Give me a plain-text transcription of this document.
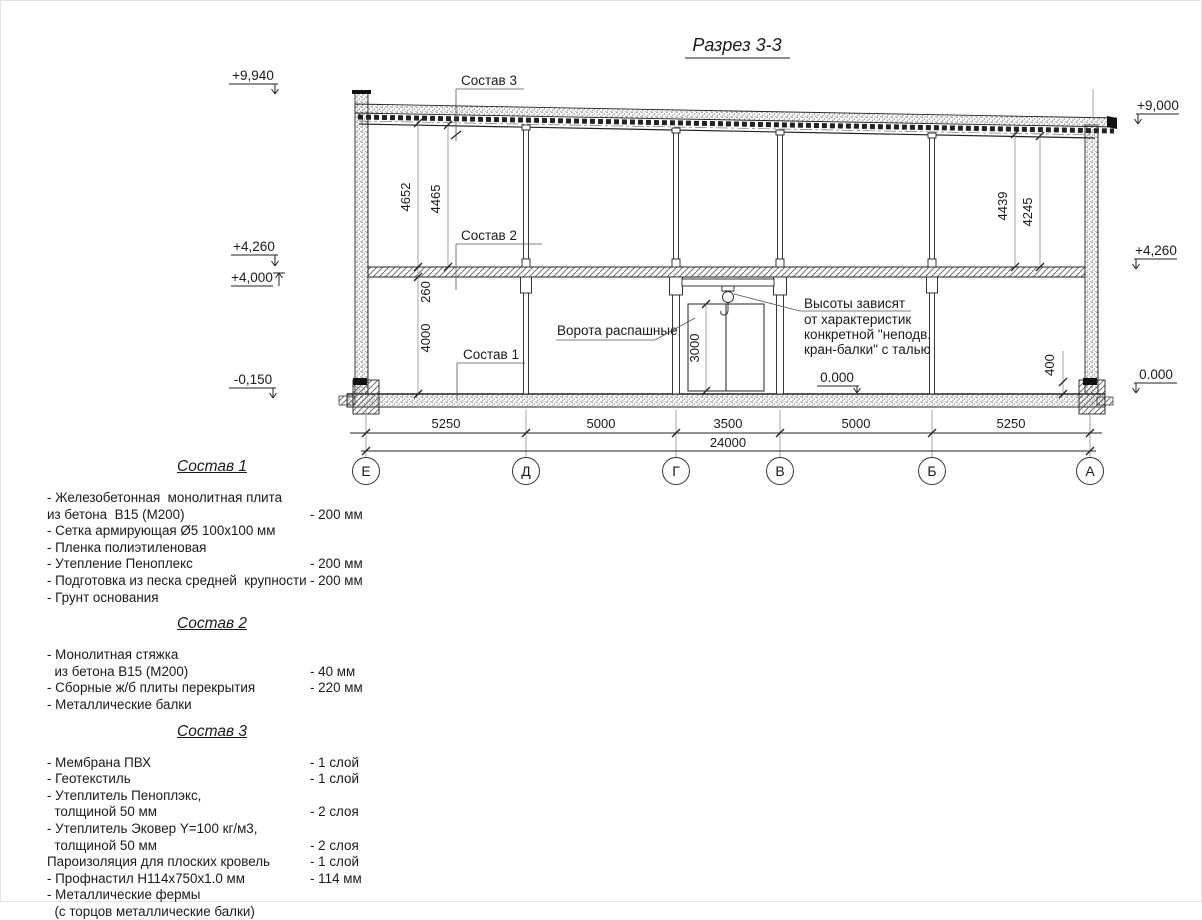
Разрез 3-3
4652 4465
260
4000
4439 4245
400
3000
+9,940
+4,260
+4,000
-0,150
+9,000
+4,260
0.000
0.000
Состав 3
Состав 2
Состав 1
Ворота распашные
Высоты зависят
от характеристик
конкретной "неподв.
кран-балки" с талью
5250	5000	3500	5000	5250
24000
Е	Д	Г	В	Б	А
Состав 1
- Железобетонная  монолитная плита
из бетона  В15 (М200)	- 200 мм
- Сетка армирующая Ø5 100x100 мм
- Пленка полиэтиленовая
- Утепление Пеноплекс	- 200 мм
- Подготовка из песка средней  крупности - 200 мм
- Грунт основания
Состав 2
- Монолитная стяжка
из бетона В15 (М200)	- 40 мм
- Сборные ж/б плиты перекрытия	- 220 мм
- Металлические балки
Состав 3
- Мембрана ПВХ	- 1 слой
- Геотекстиль	- 1 слой
- Утеплитель Пеноплэкс,
толщиной 50 мм	- 2 слоя
- Утеплитель Эковер Y=100 кг/м3,
толщиной 50 мм	- 2 слоя
Пароизоляция для плоских кровель	- 1 слой
- Профнастил Н114х750х1.0 мм	- 114 мм
- Металлические фермы
(с торцов металлические балки)
